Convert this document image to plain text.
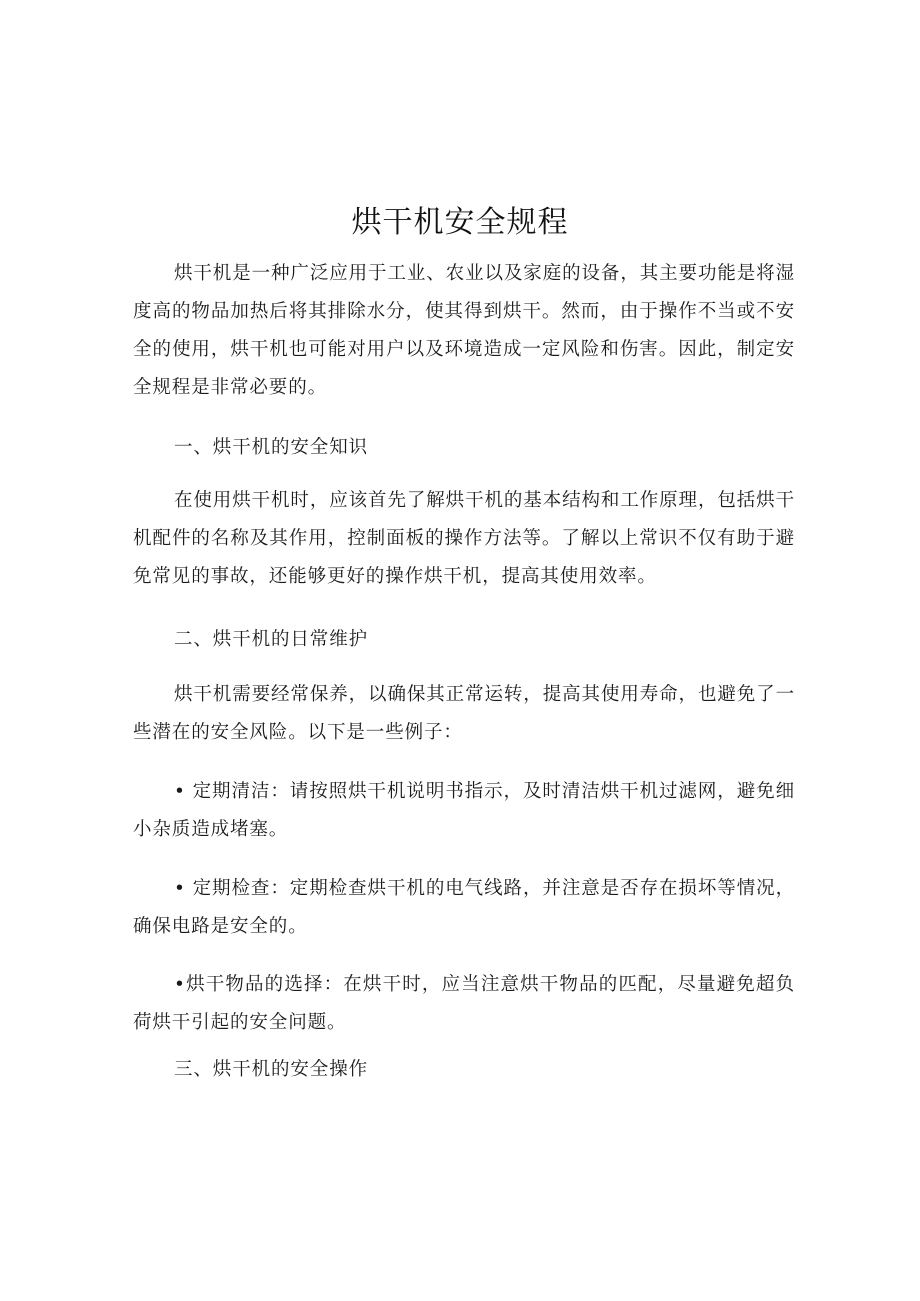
烘干机安全规程

烘干机是一种广泛应用于工业、农业以及家庭的设备，其主要功能是将湿度高的物品加热后将其排除水分，使其得到烘干。然而，由于操作不当或不安全的使用，烘干机也可能对用户以及环境造成一定风险和伤害。因此，制定安全规程是非常必要的。

一、烘干机的安全知识

在使用烘干机时，应该首先了解烘干机的基本结构和工作原理，包括烘干机配件的名称及其作用，控制面板的操作方法等。了解以上常识不仅有助于避免常见的事故，还能够更好的操作烘干机，提高其使用效率。

二、烘干机的日常维护

烘干机需要经常保养，以确保其正常运转，提高其使用寿命，也避免了一些潜在的安全风险。以下是一些例子：

• 定期清洁：请按照烘干机说明书指示，及时清洁烘干机过滤网，避免细小杂质造成堵塞。

• 定期检查：定期检查烘干机的电气线路，并注意是否存在损坏等情况，确保电路是安全的。

•烘干物品的选择：在烘干时，应当注意烘干物品的匹配，尽量避免超负荷烘干引起的安全问题。

三、烘干机的安全操作
